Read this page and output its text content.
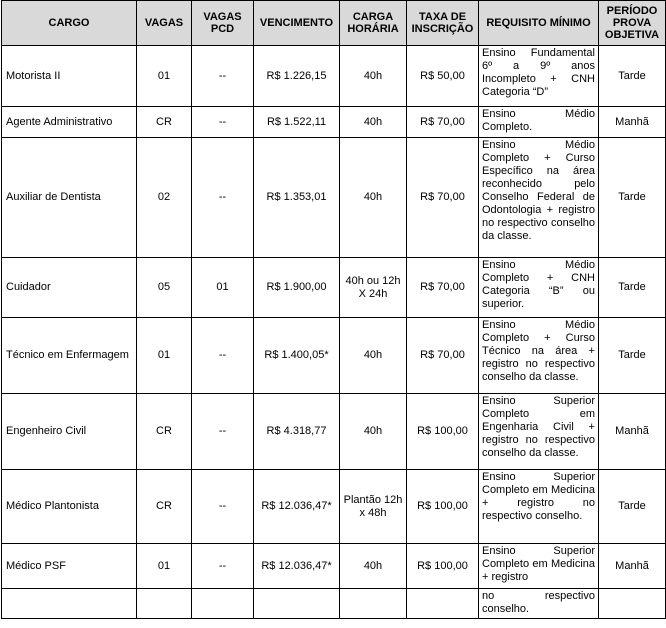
CARGO	VAGAS	VAGAS PCD	VENCIMENTO	CARGA HORÁRIA	TAXA DE INSCRIÇÃO	REQUISITO MÍNIMO	PERÍODO PROVA OBJETIVA
Motorista II	01	--	R$ 1.226,15	40h	R$ 50,00	Ensino Fundamental 6º a 9º anos Incompleto + CNH Categoria “D”	Tarde
Agente Administrativo	CR	--	R$ 1.522,11	40h	R$ 70,00	Ensino Médio Completo.	Manhã
Auxiliar de Dentista	02	--	R$ 1.353,01	40h	R$ 70,00	Ensino Médio Completo + Curso Específico na área reconhecido pelo Conselho Federal de Odontologia + registro no respectivo conselho da classe.	Tarde
Cuidador	05	01	R$ 1.900,00	40h ou 12h X 24h	R$ 70,00	Ensino Médio Completo + CNH Categoria “B” ou superior.	Tarde
Técnico em Enfermagem	01	--	R$ 1.400,05*	40h	R$ 70,00	Ensino Médio Completo + Curso Técnico na área + registro no respectivo conselho da classe.	Tarde
Engenheiro Civil	CR	--	R$ 4.318,77	40h	R$ 100,00	Ensino Superior Completo em Engenharia Civil + registro no respectivo conselho da classe.	Manhã
Médico Plantonista	CR	--	R$ 12.036,47*	Plantão 12h x 48h	R$ 100,00	Ensino Superior Completo em Medicina + registro no respectivo conselho.	Tarde
Médico PSF	01	--	R$ 12.036,47*	40h	R$ 100,00	Ensino Superior Completo em Medicina + registro	Manhã
						no respectivo conselho.	
